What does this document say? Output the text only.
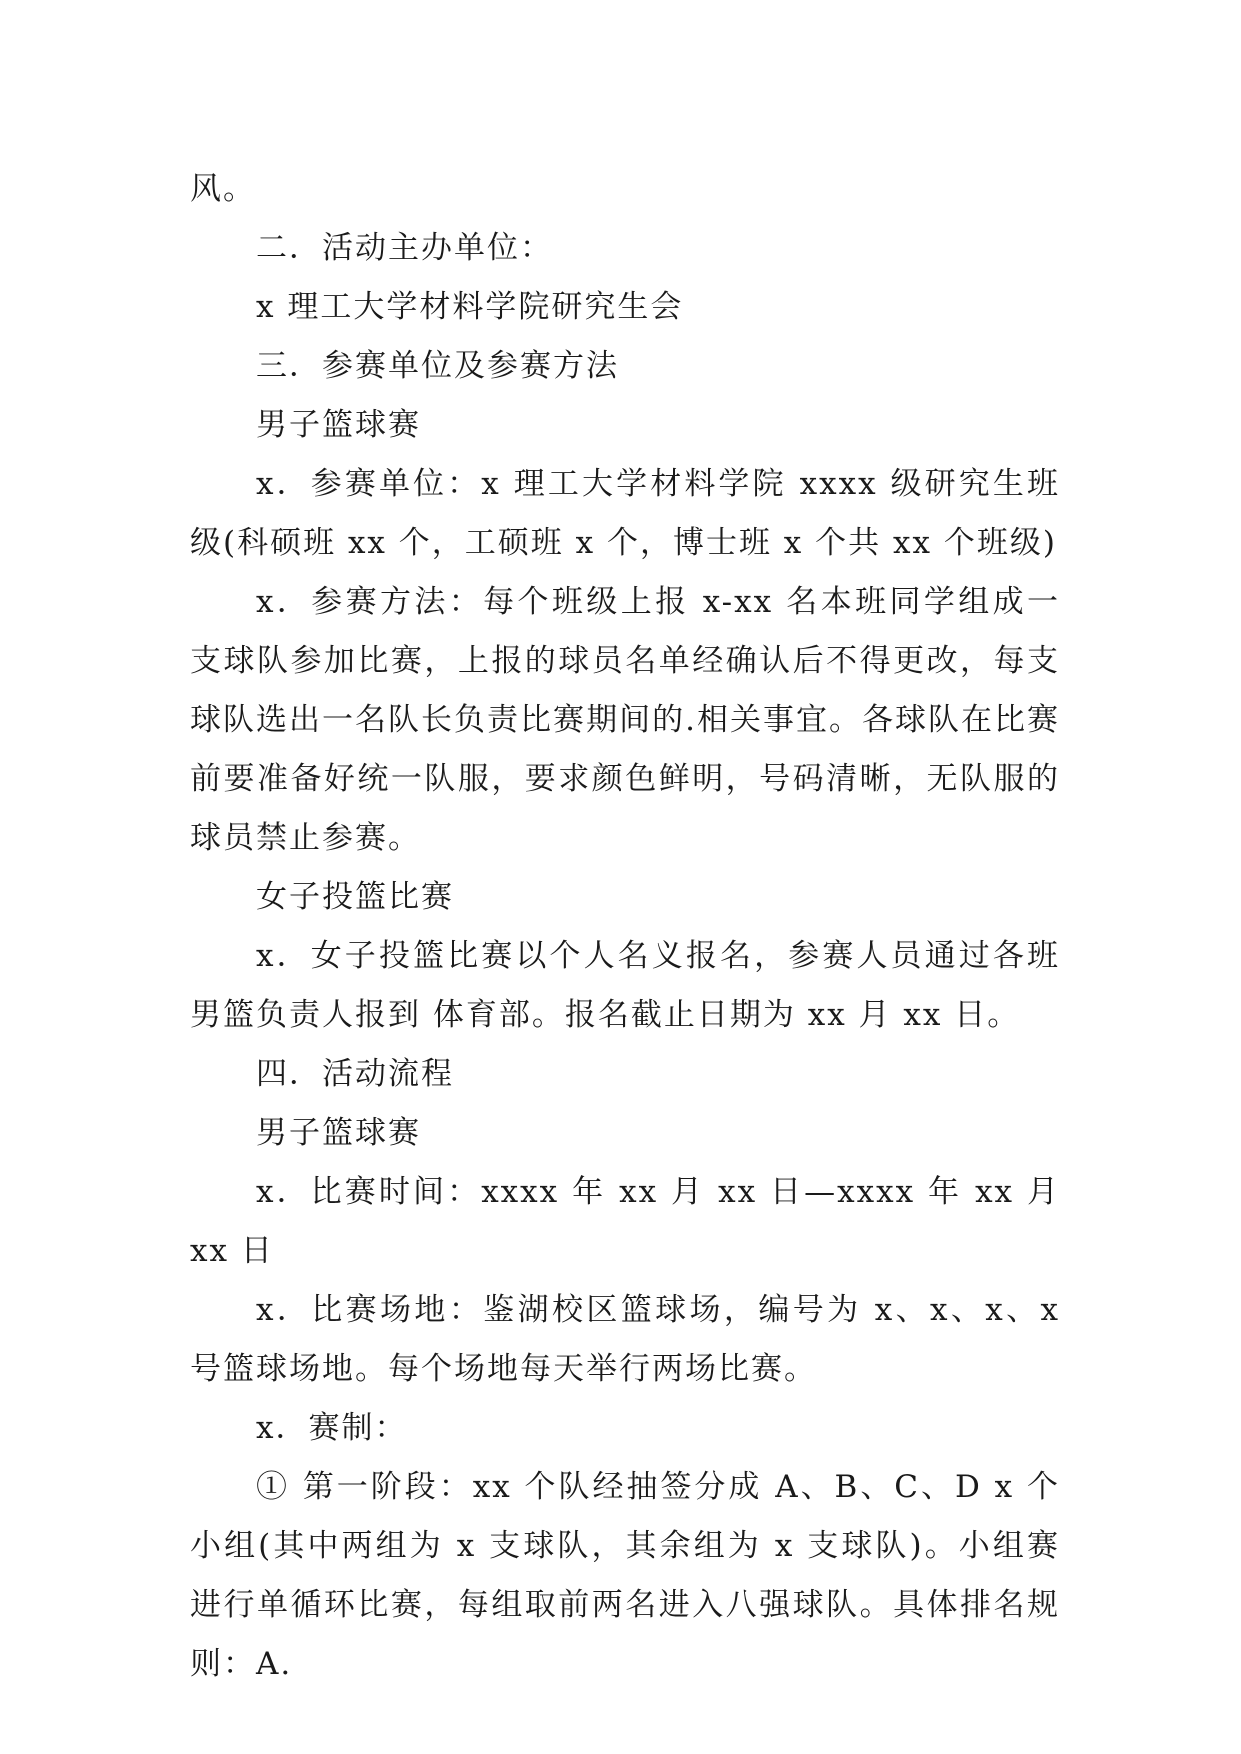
风。

二．活动主办单位：

x 理工大学材料学院研究生会

三．参赛单位及参赛方法

男子篮球赛

x．参赛单位：x 理工大学材料学院 xxxx 级研究生班级(科硕班 xx 个，工硕班 x 个，博士班 x 个共 xx 个班级)

x．参赛方法：每个班级上报 x-xx 名本班同学组成一支球队参加比赛，上报的球员名单经确认后不得更改，每支球队选出一名队长负责比赛期间的.相关事宜。各球队在比赛前要准备好统一队服，要求颜色鲜明，号码清晰，无队服的球员禁止参赛。

女子投篮比赛

x．女子投篮比赛以个人名义报名，参赛人员通过各班男篮负责人报到 体育部。报名截止日期为 xx 月 xx 日。

四．活动流程

男子篮球赛

x．比赛时间：xxxx 年 xx 月 xx 日—xxxx 年 xx 月 xx 日

x．比赛场地：鉴湖校区篮球场，编号为 x、x、x、x 号篮球场地。每个场地每天举行两场比赛。

x．赛制：

① 第一阶段：xx 个队经抽签分成 A、B、C、D x 个小组(其中两组为 x 支球队，其余组为 x 支球队)。小组赛进行单循环比赛，每组取前两名进入八强球队。具体排名规则：A.
